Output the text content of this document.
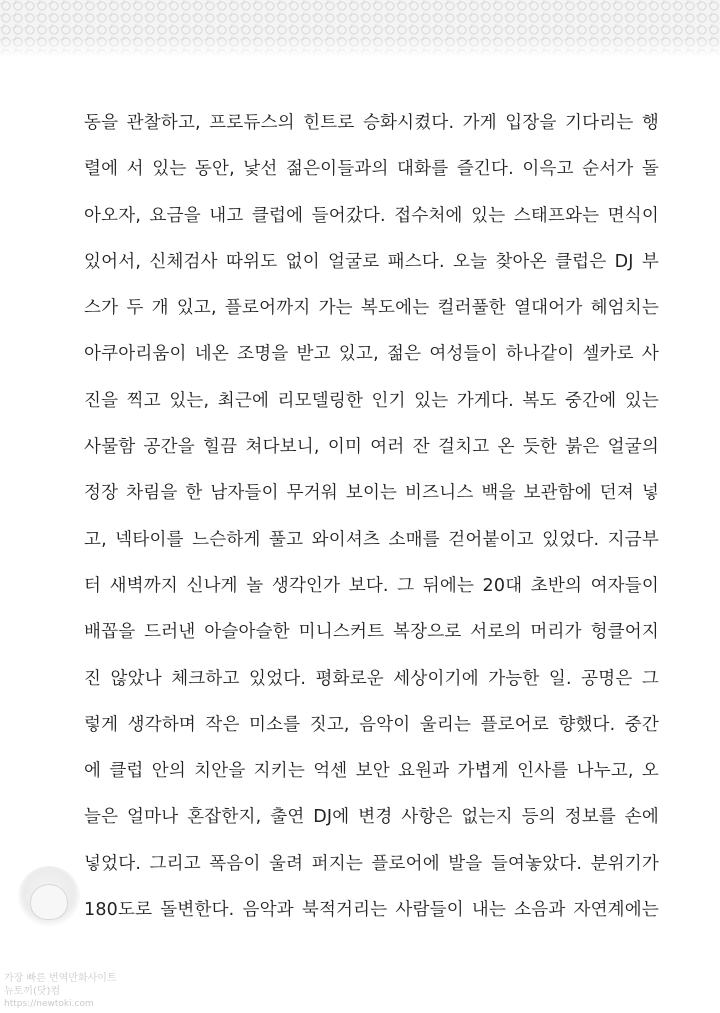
동을 관찰하고, 프로듀스의 힌트로 승화시켰다. 가게 입장을 기다리는 행
렬에 서 있는 동안, 낯선 젊은이들과의 대화를 즐긴다. 이윽고 순서가 돌
아오자, 요금을 내고 클럽에 들어갔다. 접수처에 있는 스태프와는 면식이
있어서, 신체검사 따위도 없이 얼굴로 패스다. 오늘 찾아온 클럽은 DJ 부
스가 두 개 있고, 플로어까지 가는 복도에는 컬러풀한 열대어가 헤엄치는
아쿠아리움이 네온 조명을 받고 있고, 젊은 여성들이 하나같이 셀카로 사
진을 찍고 있는, 최근에 리모델링한 인기 있는 가게다. 복도 중간에 있는
사물함 공간을 힐끔 쳐다보니, 이미 여러 잔 걸치고 온 듯한 붉은 얼굴의
정장 차림을 한 남자들이 무거워 보이는 비즈니스 백을 보관함에 던져 넣
고, 넥타이를 느슨하게 풀고 와이셔츠 소매를 걷어붙이고 있었다. 지금부
터 새벽까지 신나게 놀 생각인가 보다. 그 뒤에는 20대 초반의 여자들이
배꼽을 드러낸 아슬아슬한 미니스커트 복장으로 서로의 머리가 헝클어지
진 않았나 체크하고 있었다. 평화로운 세상이기에 가능한 일. 공명은 그
렇게 생각하며 작은 미소를 짓고, 음악이 울리는 플로어로 향했다. 중간
에 클럽 안의 치안을 지키는 억센 보안 요원과 가볍게 인사를 나누고, 오
늘은 얼마나 혼잡한지, 출연 DJ에 변경 사항은 없는지 등의 정보를 손에
넣었다. 그리고 폭음이 울려 퍼지는 플로어에 발을 들여놓았다. 분위기가
180도로 돌변한다. 음악과 북적거리는 사람들이 내는 소음과 자연계에는
가장 빠른 번역만화사이트
뉴토끼(닷)컴
https://newtoki.com
